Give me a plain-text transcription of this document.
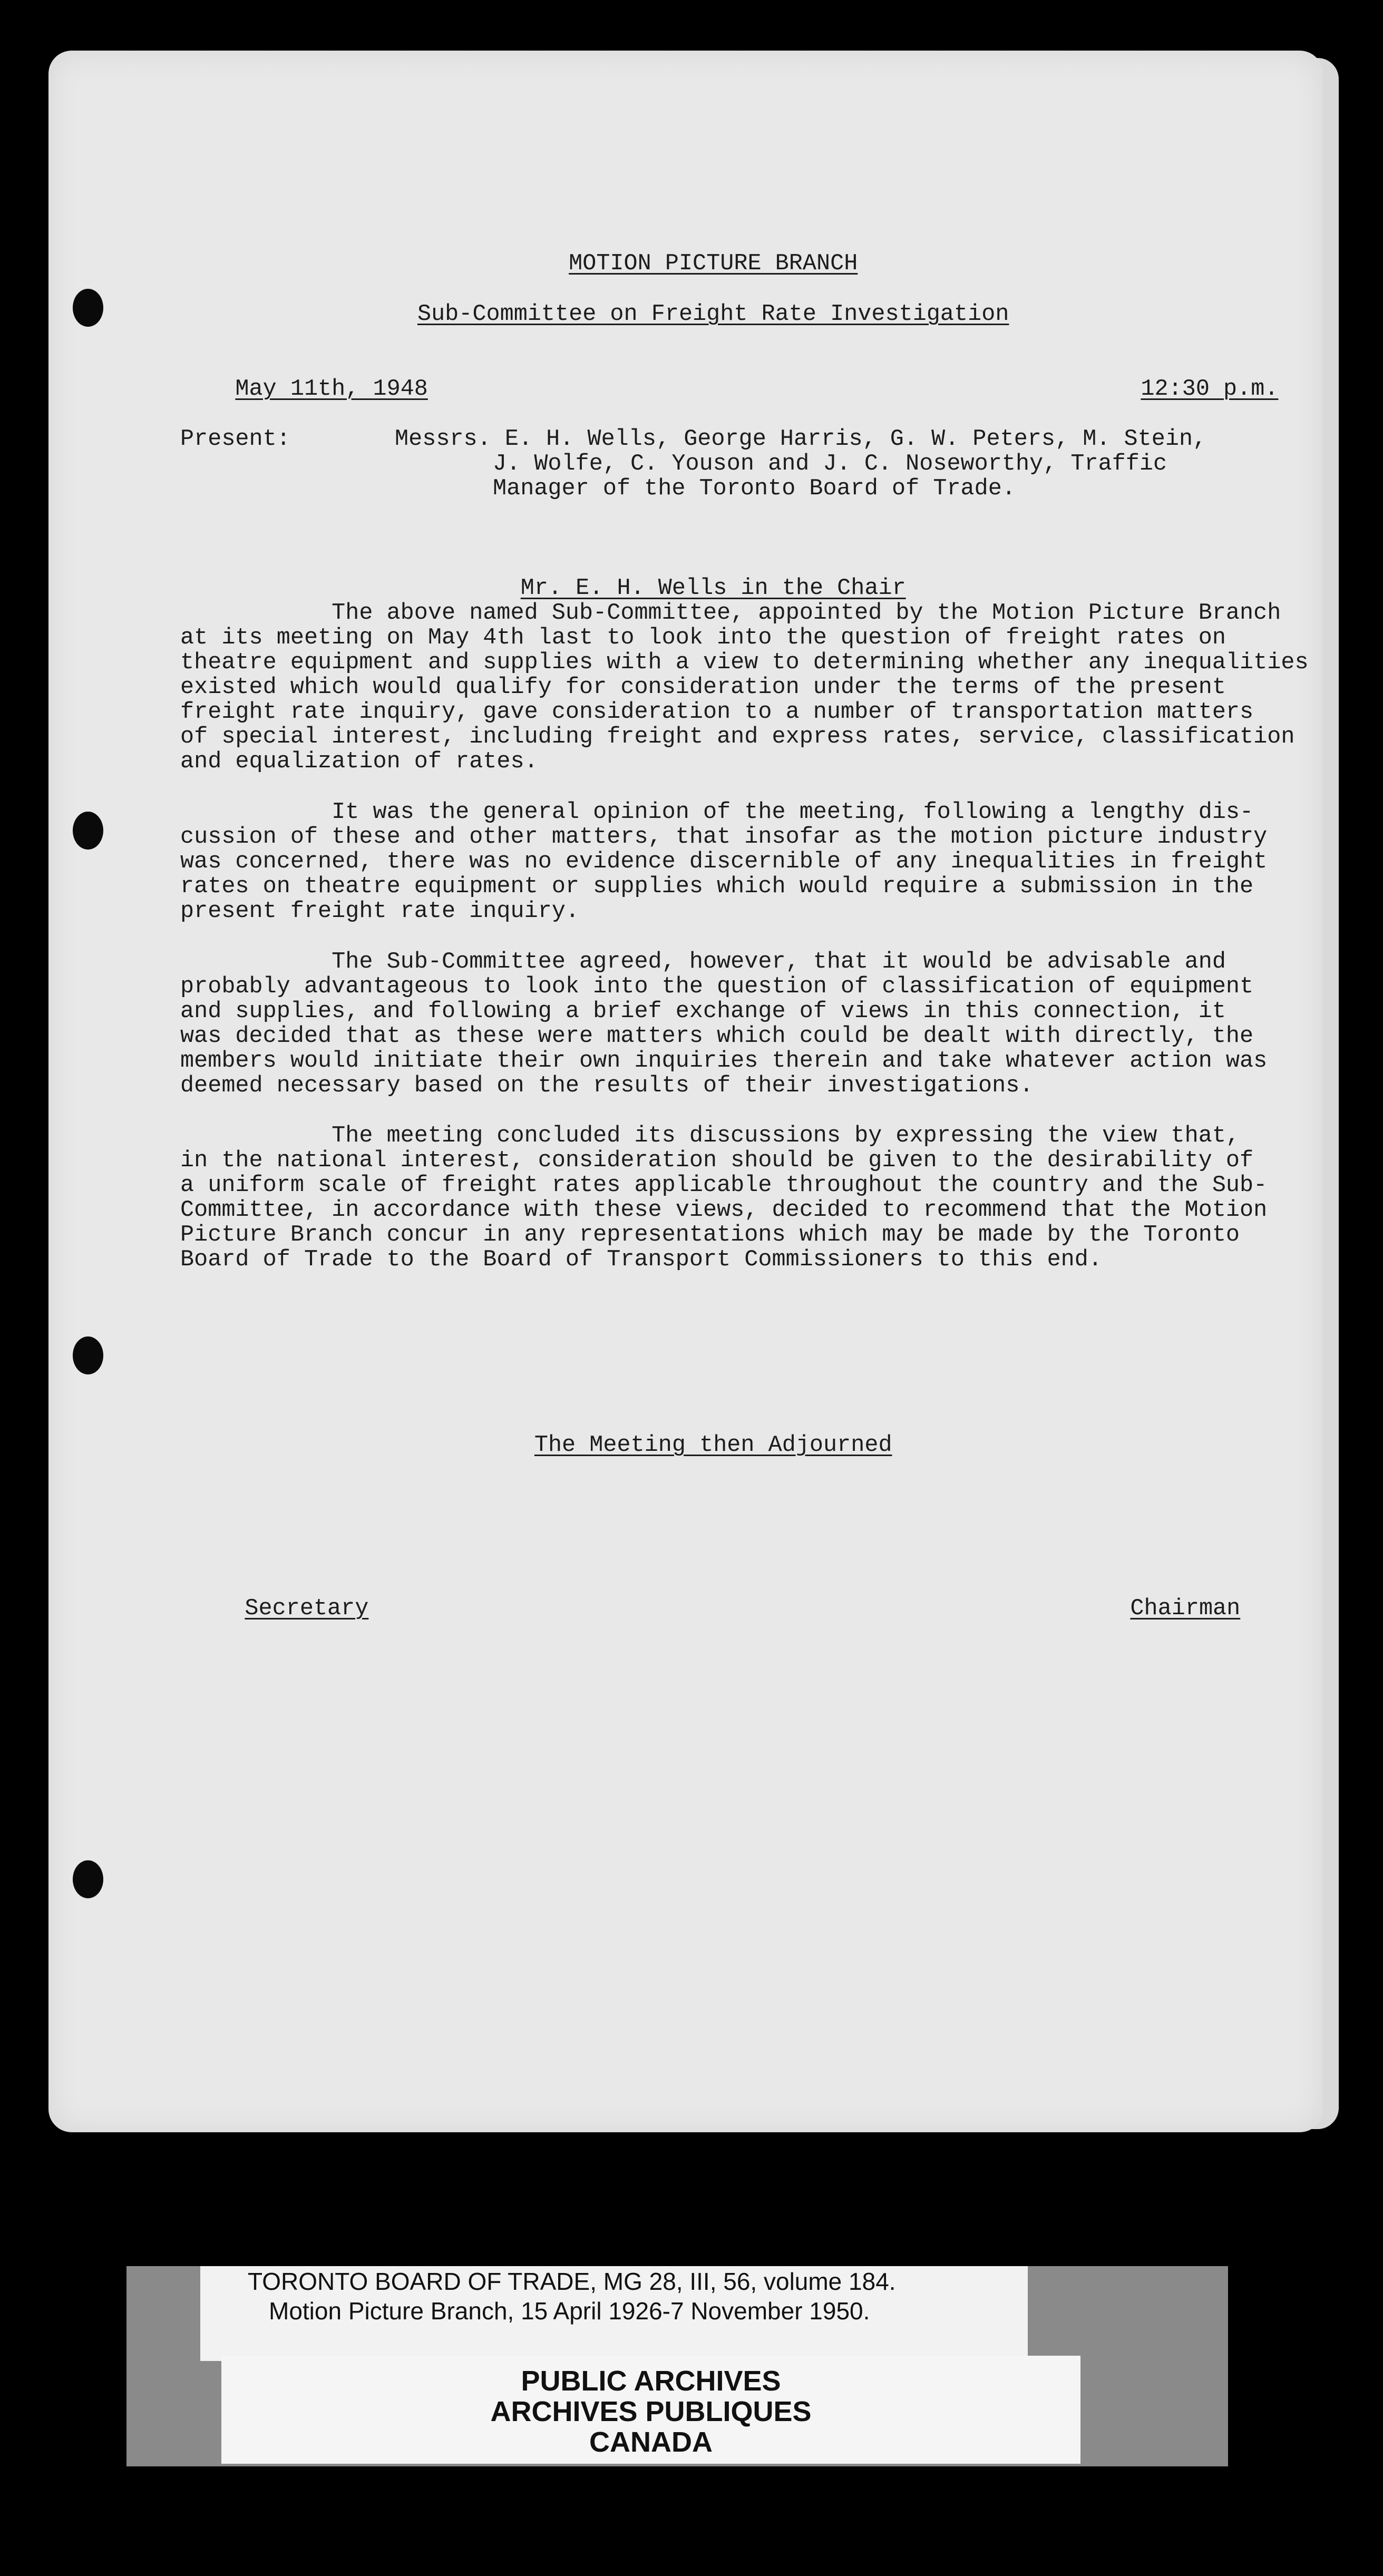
MOTION PICTURE BRANCH

Sub-Committee on Freight Rate Investigation

May 11th, 1948
	12:30 p.m.

Present:	Messrs. E. H. Wells, George Harris, G. W. Peters, M. Stein,
J. Wolfe, C. Youson and J. C. Noseworthy, Traffic
Manager of the Toronto Board of Trade.

Mr. E. H. Wells in the Chair

The above named Sub-Committee, appointed by the Motion Picture Branch
at its meeting on May 4th last to look into the question of freight rates on
theatre equipment and supplies with a view to determining whether any inequalities
existed which would qualify for consideration under the terms of the present
freight rate inquiry, gave consideration to a number of transportation matters
of special interest, including freight and express rates, service, classification
and equalization of rates.
It was the general opinion of the meeting, following a lengthy dis-
cussion of these and other matters, that insofar as the motion picture industry
was concerned, there was no evidence discernible of any inequalities in freight
rates on theatre equipment or supplies which would require a submission in the
present freight rate inquiry.
The Sub-Committee agreed, however, that it would be advisable and
probably advantageous to look into the question of classification of equipment
and supplies, and following a brief exchange of views in this connection, it
was decided that as these were matters which could be dealt with directly, the
members would initiate their own inquiries therein and take whatever action was
deemed necessary based on the results of their investigations.
The meeting concluded its discussions by expressing the view that,
in the national interest, consideration should be given to the desirability of
a uniform scale of freight rates applicable throughout the country and the Sub-
Committee, in accordance with these views, decided to recommend that the Motion
Picture Branch concur in any representations which may be made by the Toronto
Board of Trade to the Board of Transport Commissioners to this end.

The Meeting then Adjourned

Secretary
	Chairman

TORONTO BOARD OF TRADE, MG 28, III, 56, volume 184.
Motion Picture Branch, 15 April 1926-7 November 1950.
PUBLIC ARCHIVES
ARCHIVES PUBLIQUES
CANADA
